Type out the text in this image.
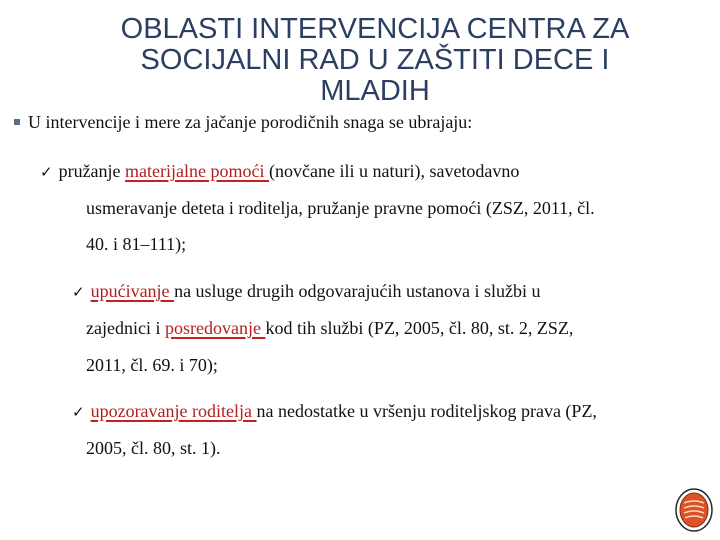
OBLASTI INTERVENCIJA CENTRA ZA
SOCIJALNI RAD U ZAŠTITI DECE I
MLADIH
U intervencije i mere za jačanje porodičnih snaga se ubrajaju:
✓ pružanje materijalne pomoći (novčane ili u naturi), savetodavno
usmeravanje deteta i roditelja, pružanje pravne pomoći (ZSZ, 2011, čl.
40. i 81–111);
✓ upućivanje na usluge drugih odgovarajućih ustanova i službi u
zajednici i posredovanje kod tih službi (PZ, 2005, čl. 80, st. 2, ZSZ,
2011, čl. 69. i 70);
✓ upozoravanje roditelja na nedostatke u vršenju roditeljskog prava (PZ,
2005, čl. 80, st. 1).
